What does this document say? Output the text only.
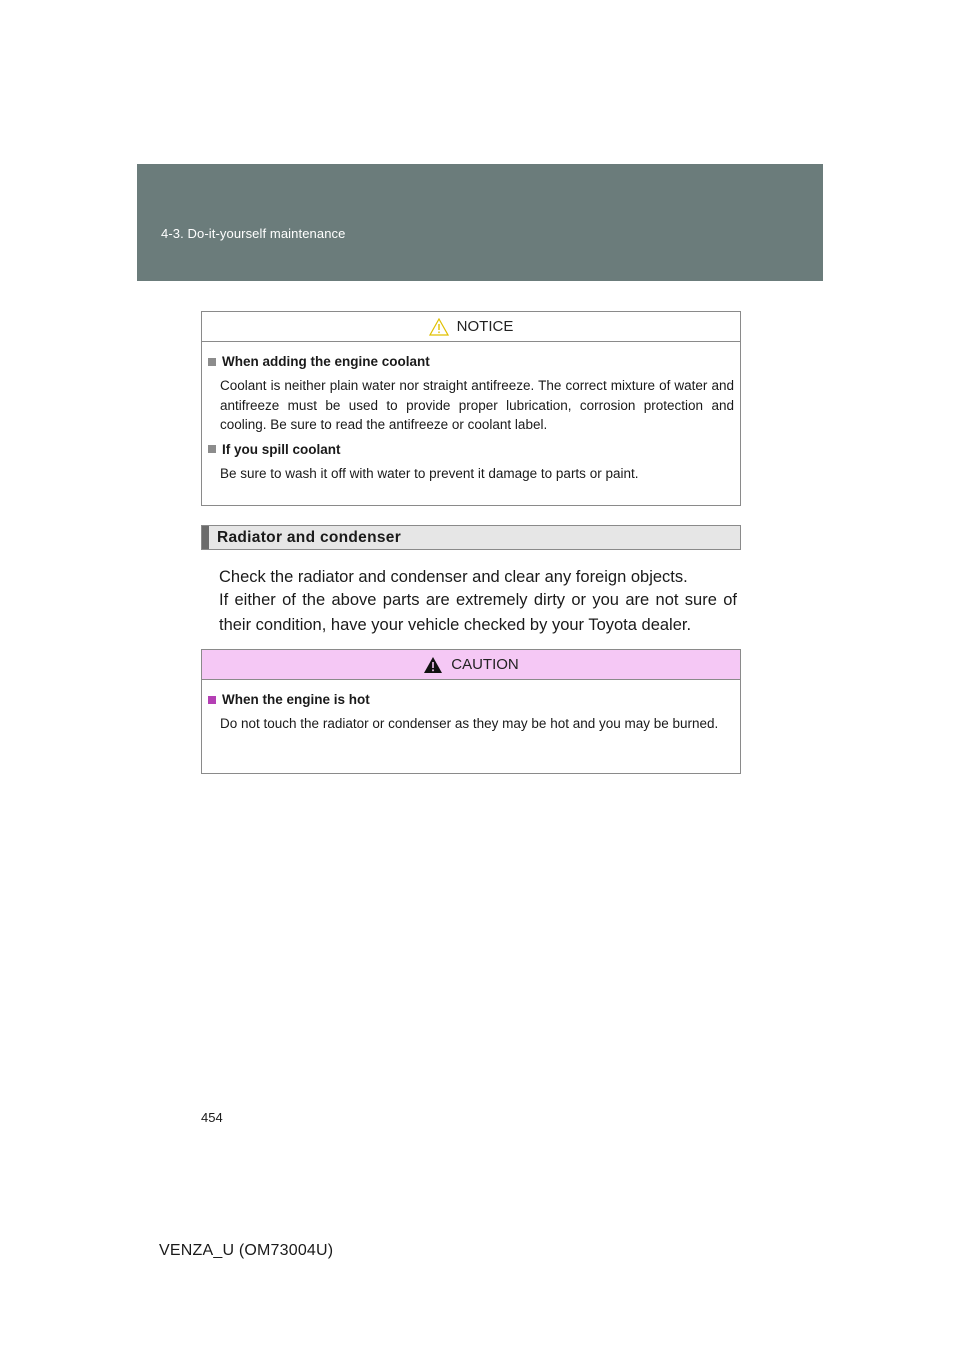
4-3. Do-it-yourself maintenance
NOTICE
When adding the engine coolant
Coolant is neither plain water nor straight antifreeze. The correct mixture of water and antifreeze must be used to provide proper lubrication, corrosion protection and cooling. Be sure to read the antifreeze or coolant label.
If you spill coolant
Be sure to wash it off with water to prevent it damage to parts or paint.
Radiator and condenser
Check the radiator and condenser and clear any foreign objects.
If either of the above parts are extremely dirty or you are not sure of their condition, have your vehicle checked by your Toyota dealer.
CAUTION
When the engine is hot
Do not touch the radiator or condenser as they may be hot and you may be burned.
454
VENZA_U (OM73004U)
